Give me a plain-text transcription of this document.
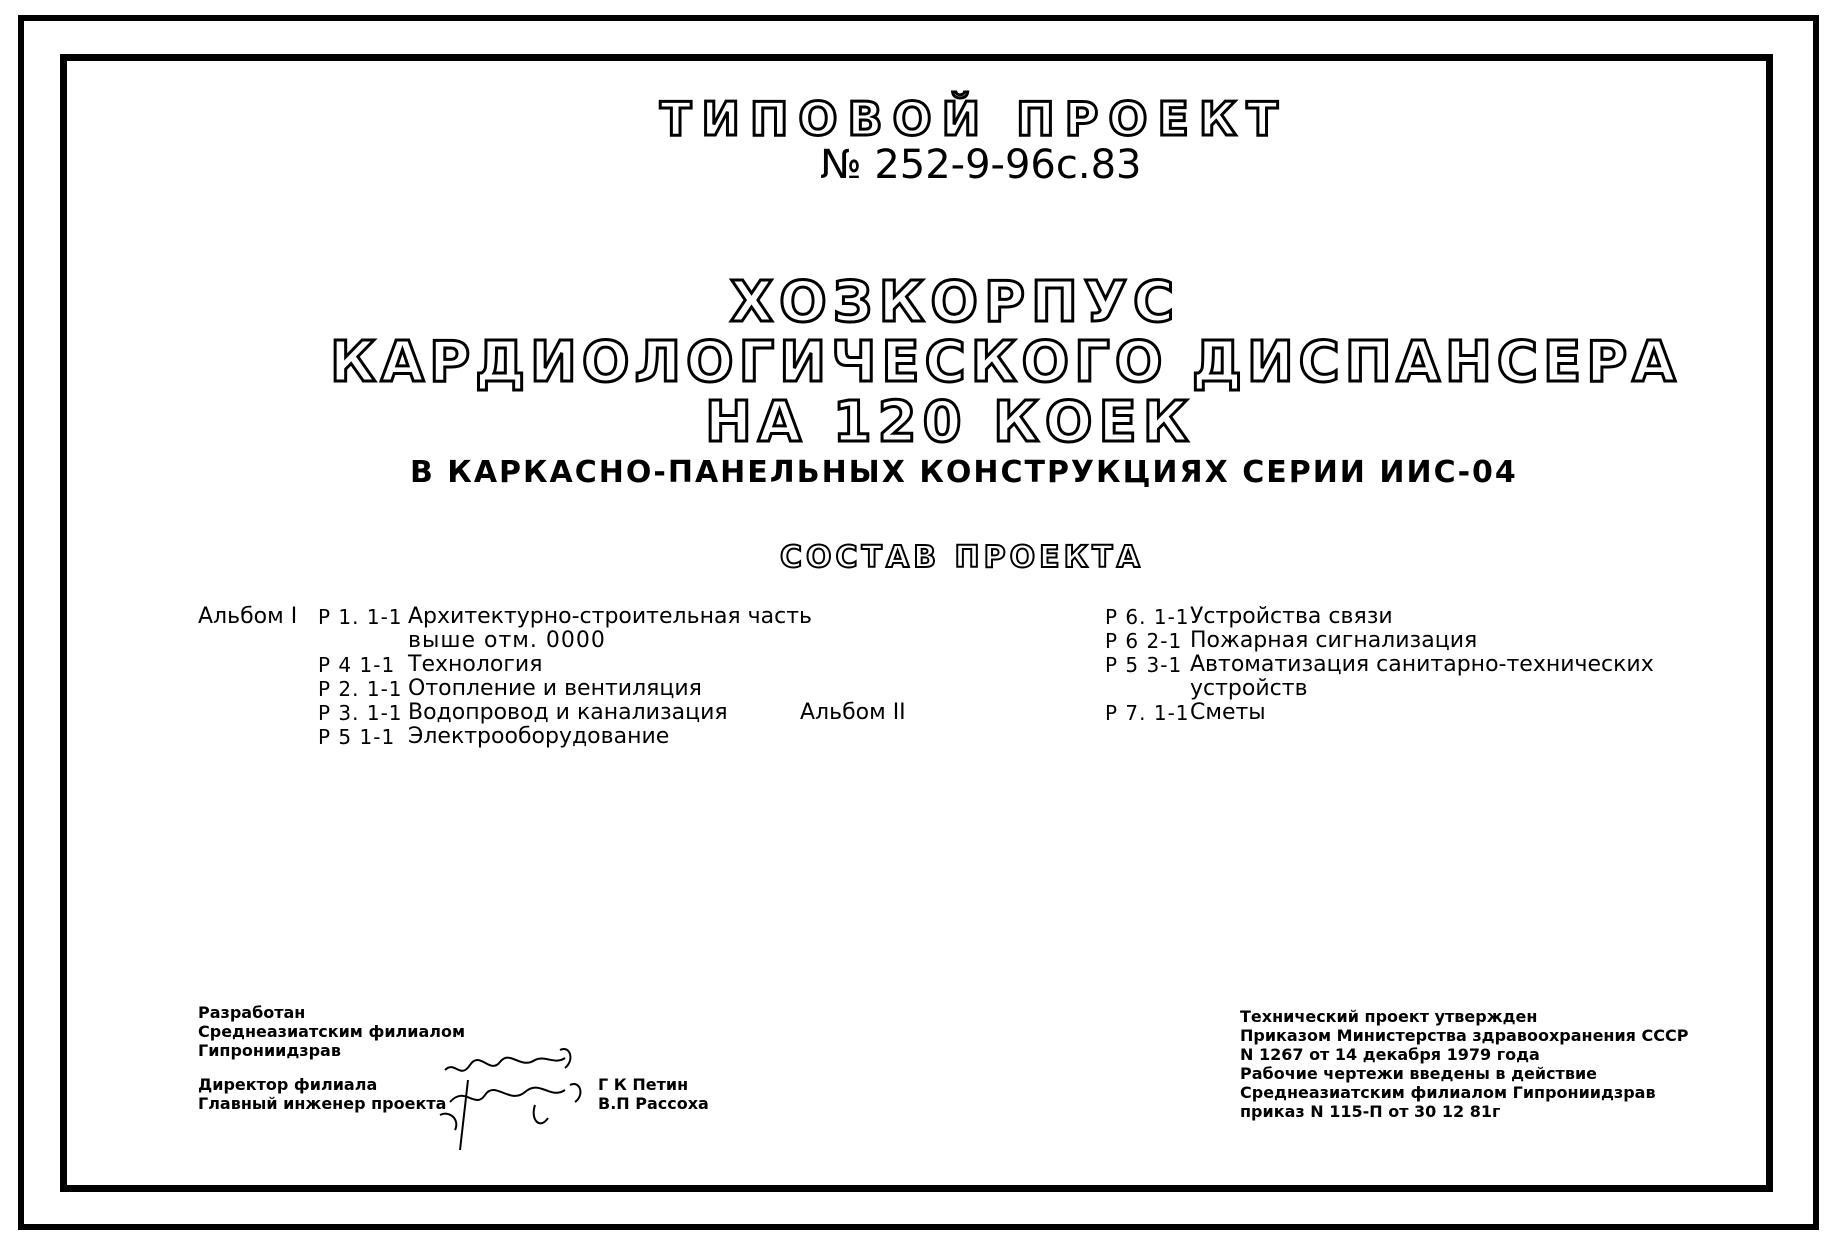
ТИПОВОЙ ПРОЕКТ
№ 252-9-96с.83
ХОЗКОРПУС
КАРДИОЛОГИЧЕСКОГО ДИСПАНСЕРА
НА 120 КОЕК
В КАРКАСНО-ПАНЕЛЬНЫХ КОНСТРУКЦИЯХ СЕРИИ ИИС-04
СОСТАВ ПРОЕКТА
Альбом I Р 1. 1-1 Архитектурно-строительная часть
выше отм. 0000
Р 4 1-1 Технология
Р 2. 1-1 Отопление и вентиляция
Р 3. 1-1 Водопровод и канализация
Р 5 1-1 Электрооборудование
Р 6. 1-1 Устройства связи
Р 6 2-1 Пожарная сигнализация
Р 5 3-1 Автоматизация санитарно-технических
устройств
Альбом II	Р 7. 1-1 Сметы
Разработан
Среднеазиатским филиалом
Гипрониидзрав
Директор филиала
Главный инженер проекта
Г К Петин
В.П Рассоха
Технический проект утвержден
Приказом Министерства здравоохранения СССР
N 1267 от 14 декабря 1979 года
Рабочие чертежи введены в действие
Среднеазиатским филиалом Гипрониидзрав
приказ N 115-П от 30 12 81г
